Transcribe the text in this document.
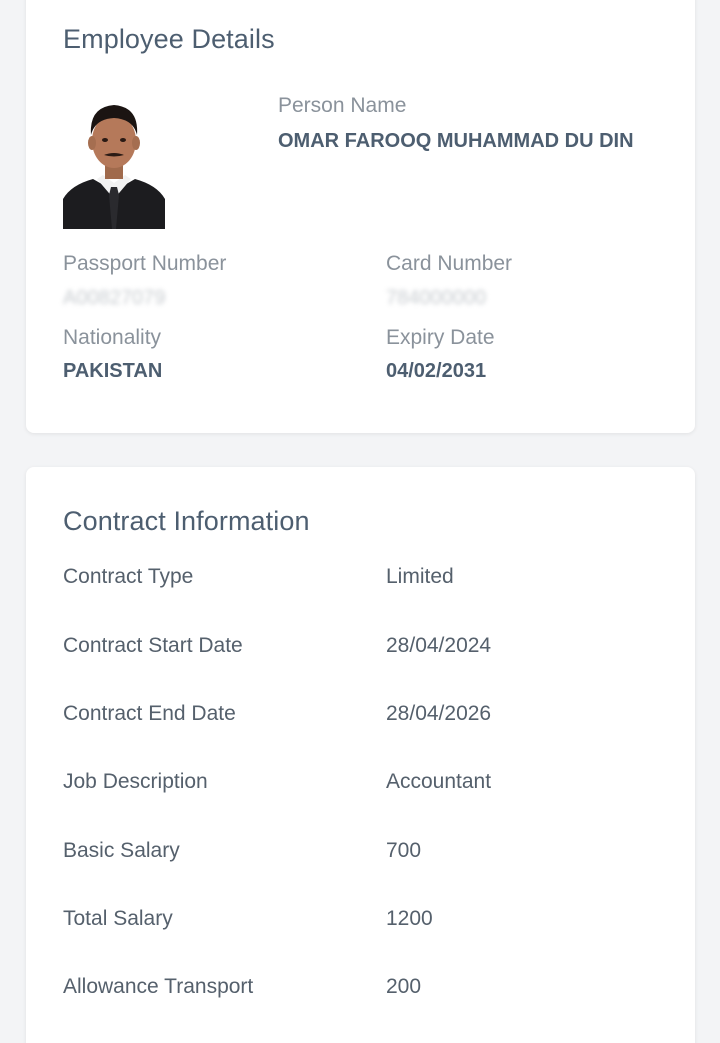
Employee Details
Person Name
OMAR FAROOQ MUHAMMAD DU DIN
Passport Number
A00827079
Card Number
784000000
Nationality
PAKISTAN
Expiry Date
04/02/2031
Contract Information
Contract Type	Limited
Contract Start Date	28/04/2024
Contract End Date	28/04/2026
Job Description	Accountant
Basic Salary	700
Total Salary	1200
Allowance Transport	200
